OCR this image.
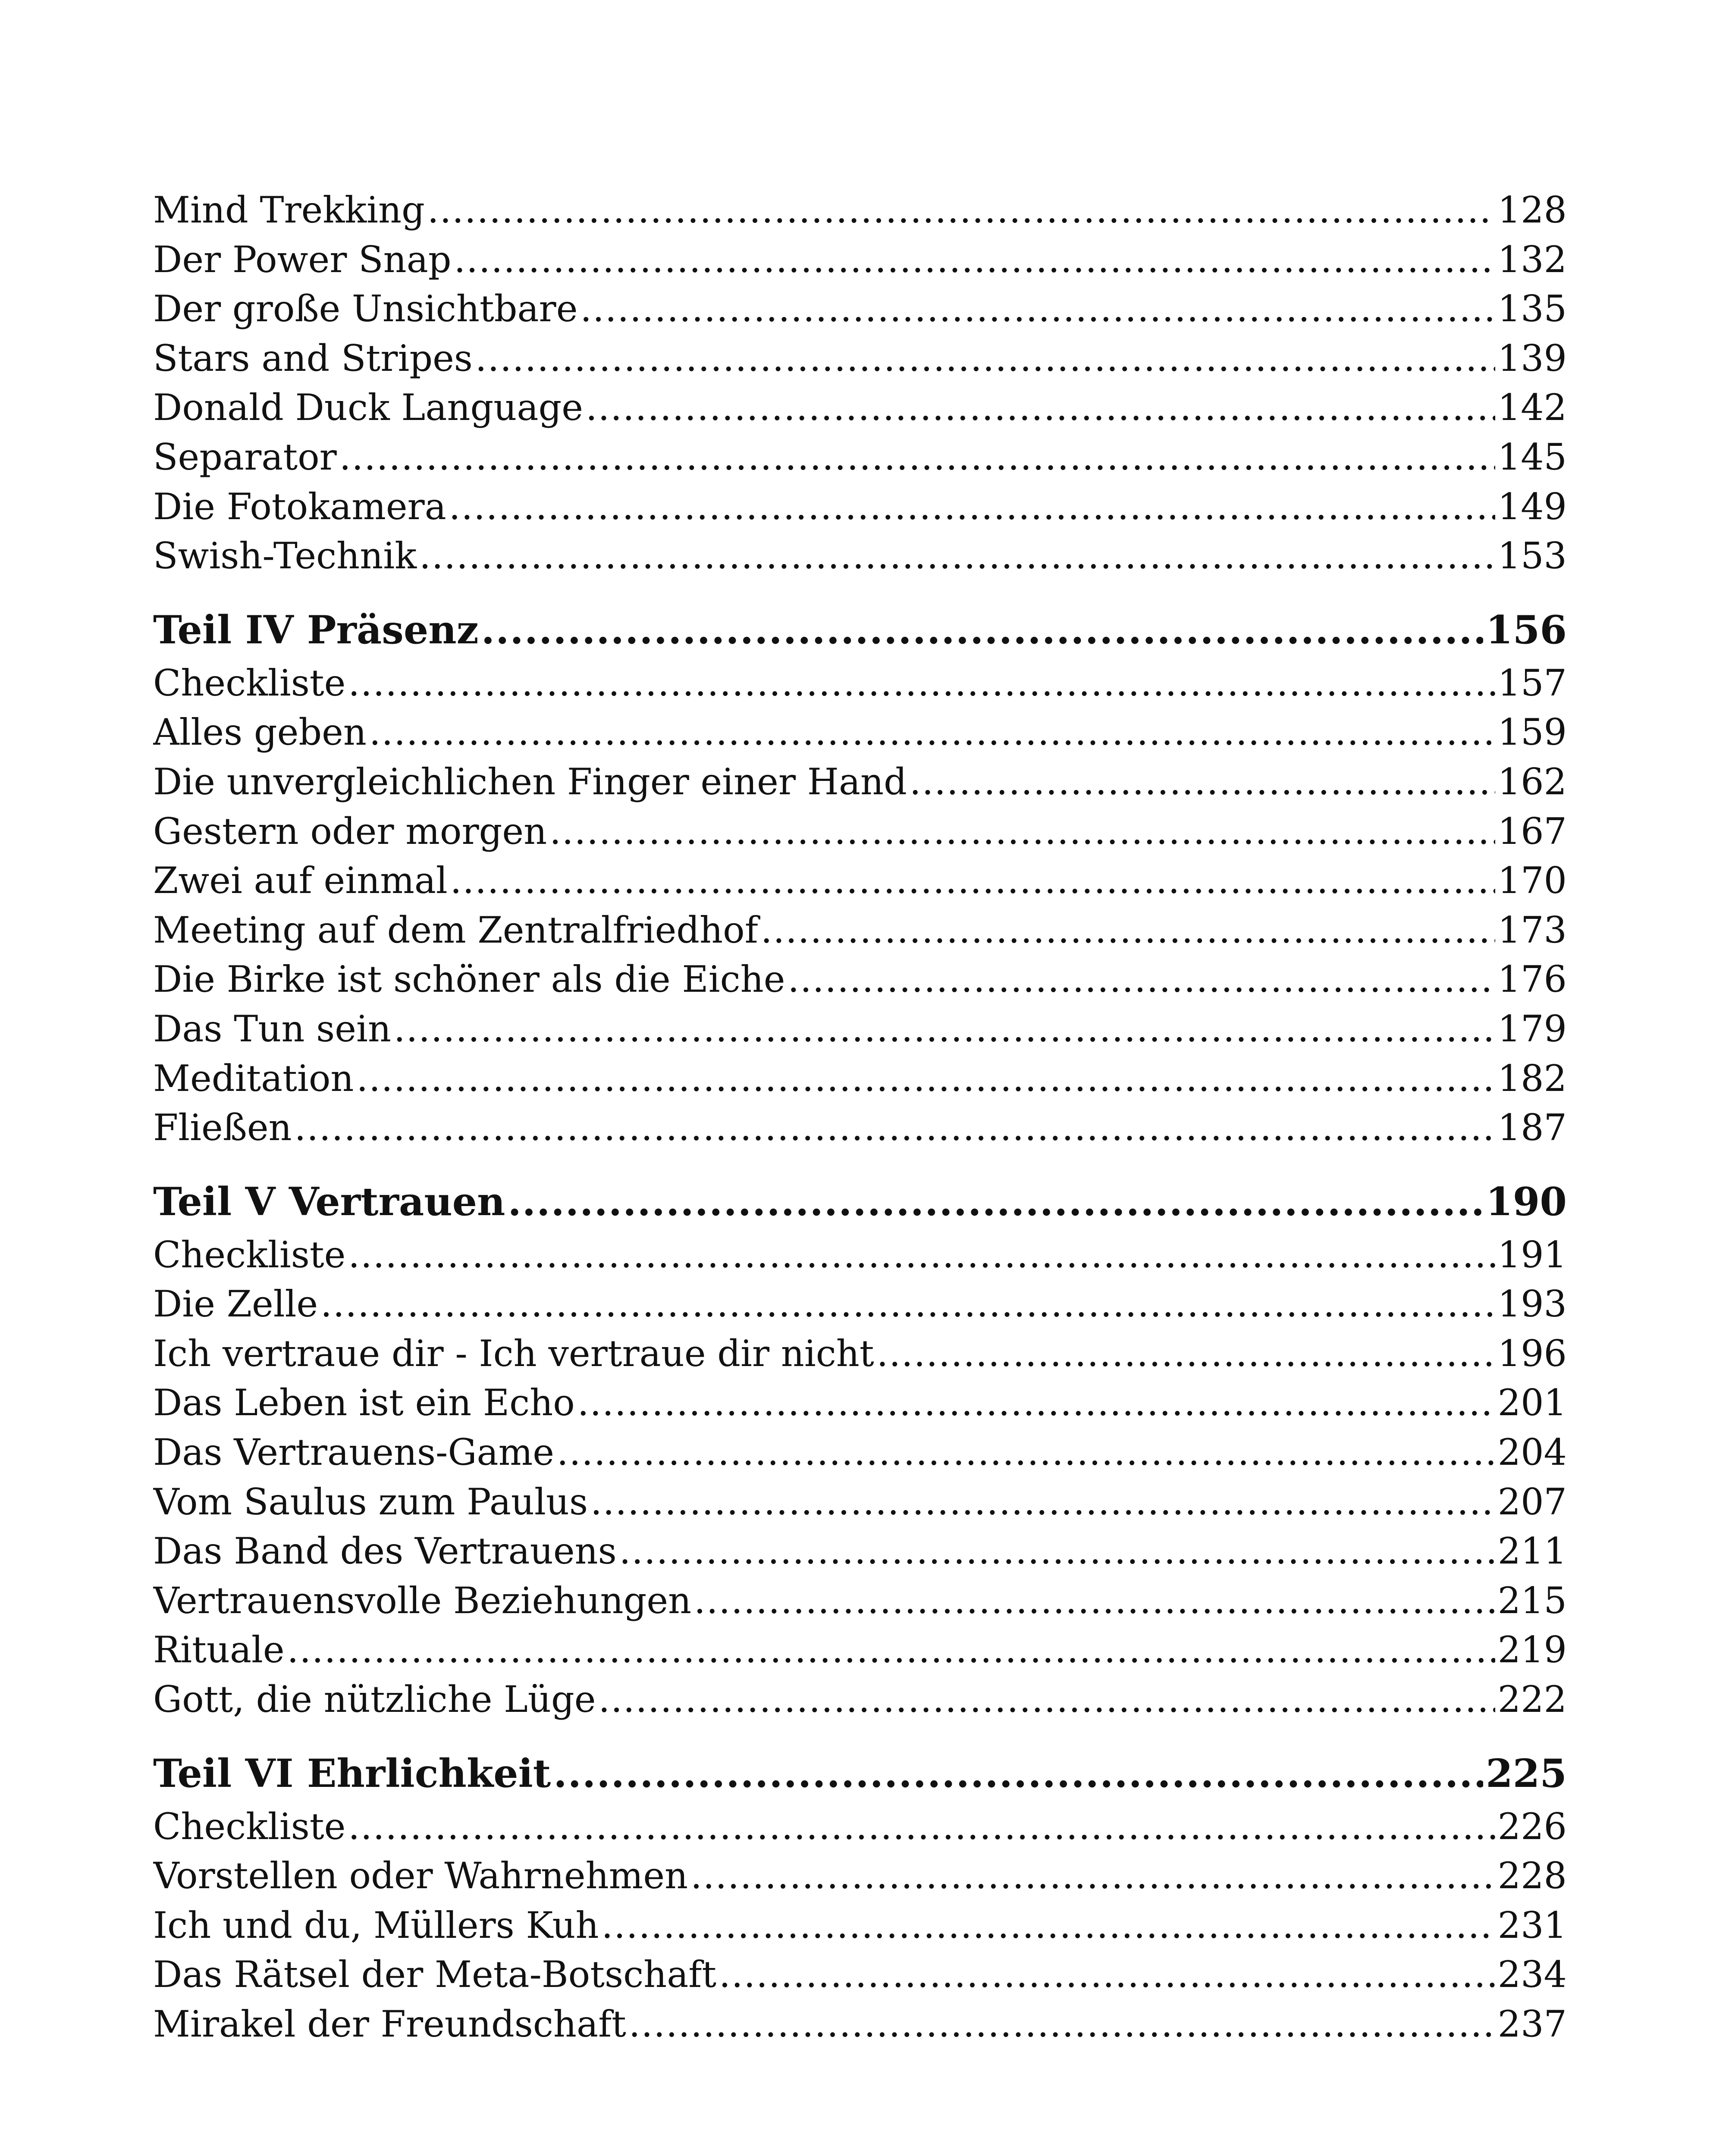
Mind Trekking .....	128
Der Power Snap .....	132
Der große Unsichtbare .....	135
Stars and Stripes .....	139
Donald Duck Language .....	142
Separator .....	145
Die Fotokamera .....	149
Swish-Technik .....	153
Teil IV Präsenz .....	156
Checkliste .....	157
Alles geben .....	159
Die unvergleichlichen Finger einer Hand .....	162
Gestern oder morgen .....	167
Zwei auf einmal .....	170
Meeting auf dem Zentralfriedhof .....	173
Die Birke ist schöner als die Eiche .....	176
Das Tun sein .....	179
Meditation .....	182
Fließen .....	187
Teil V Vertrauen .....	190
Checkliste .....	191
Die Zelle .....	193
Ich vertraue dir - Ich vertraue dir nicht .....	196
Das Leben ist ein Echo .....	201
Das Vertrauens-Game .....	204
Vom Saulus zum Paulus .....	207
Das Band des Vertrauens .....	211
Vertrauensvolle Beziehungen .....	215
Rituale .....	219
Gott, die nützliche Lüge .....	222
Teil VI Ehrlichkeit .....	225
Checkliste .....	226
Vorstellen oder Wahrnehmen .....	228
Ich und du, Müllers Kuh .....	231
Das Rätsel der Meta-Botschaft .....	234
Mirakel der Freundschaft .....	237
